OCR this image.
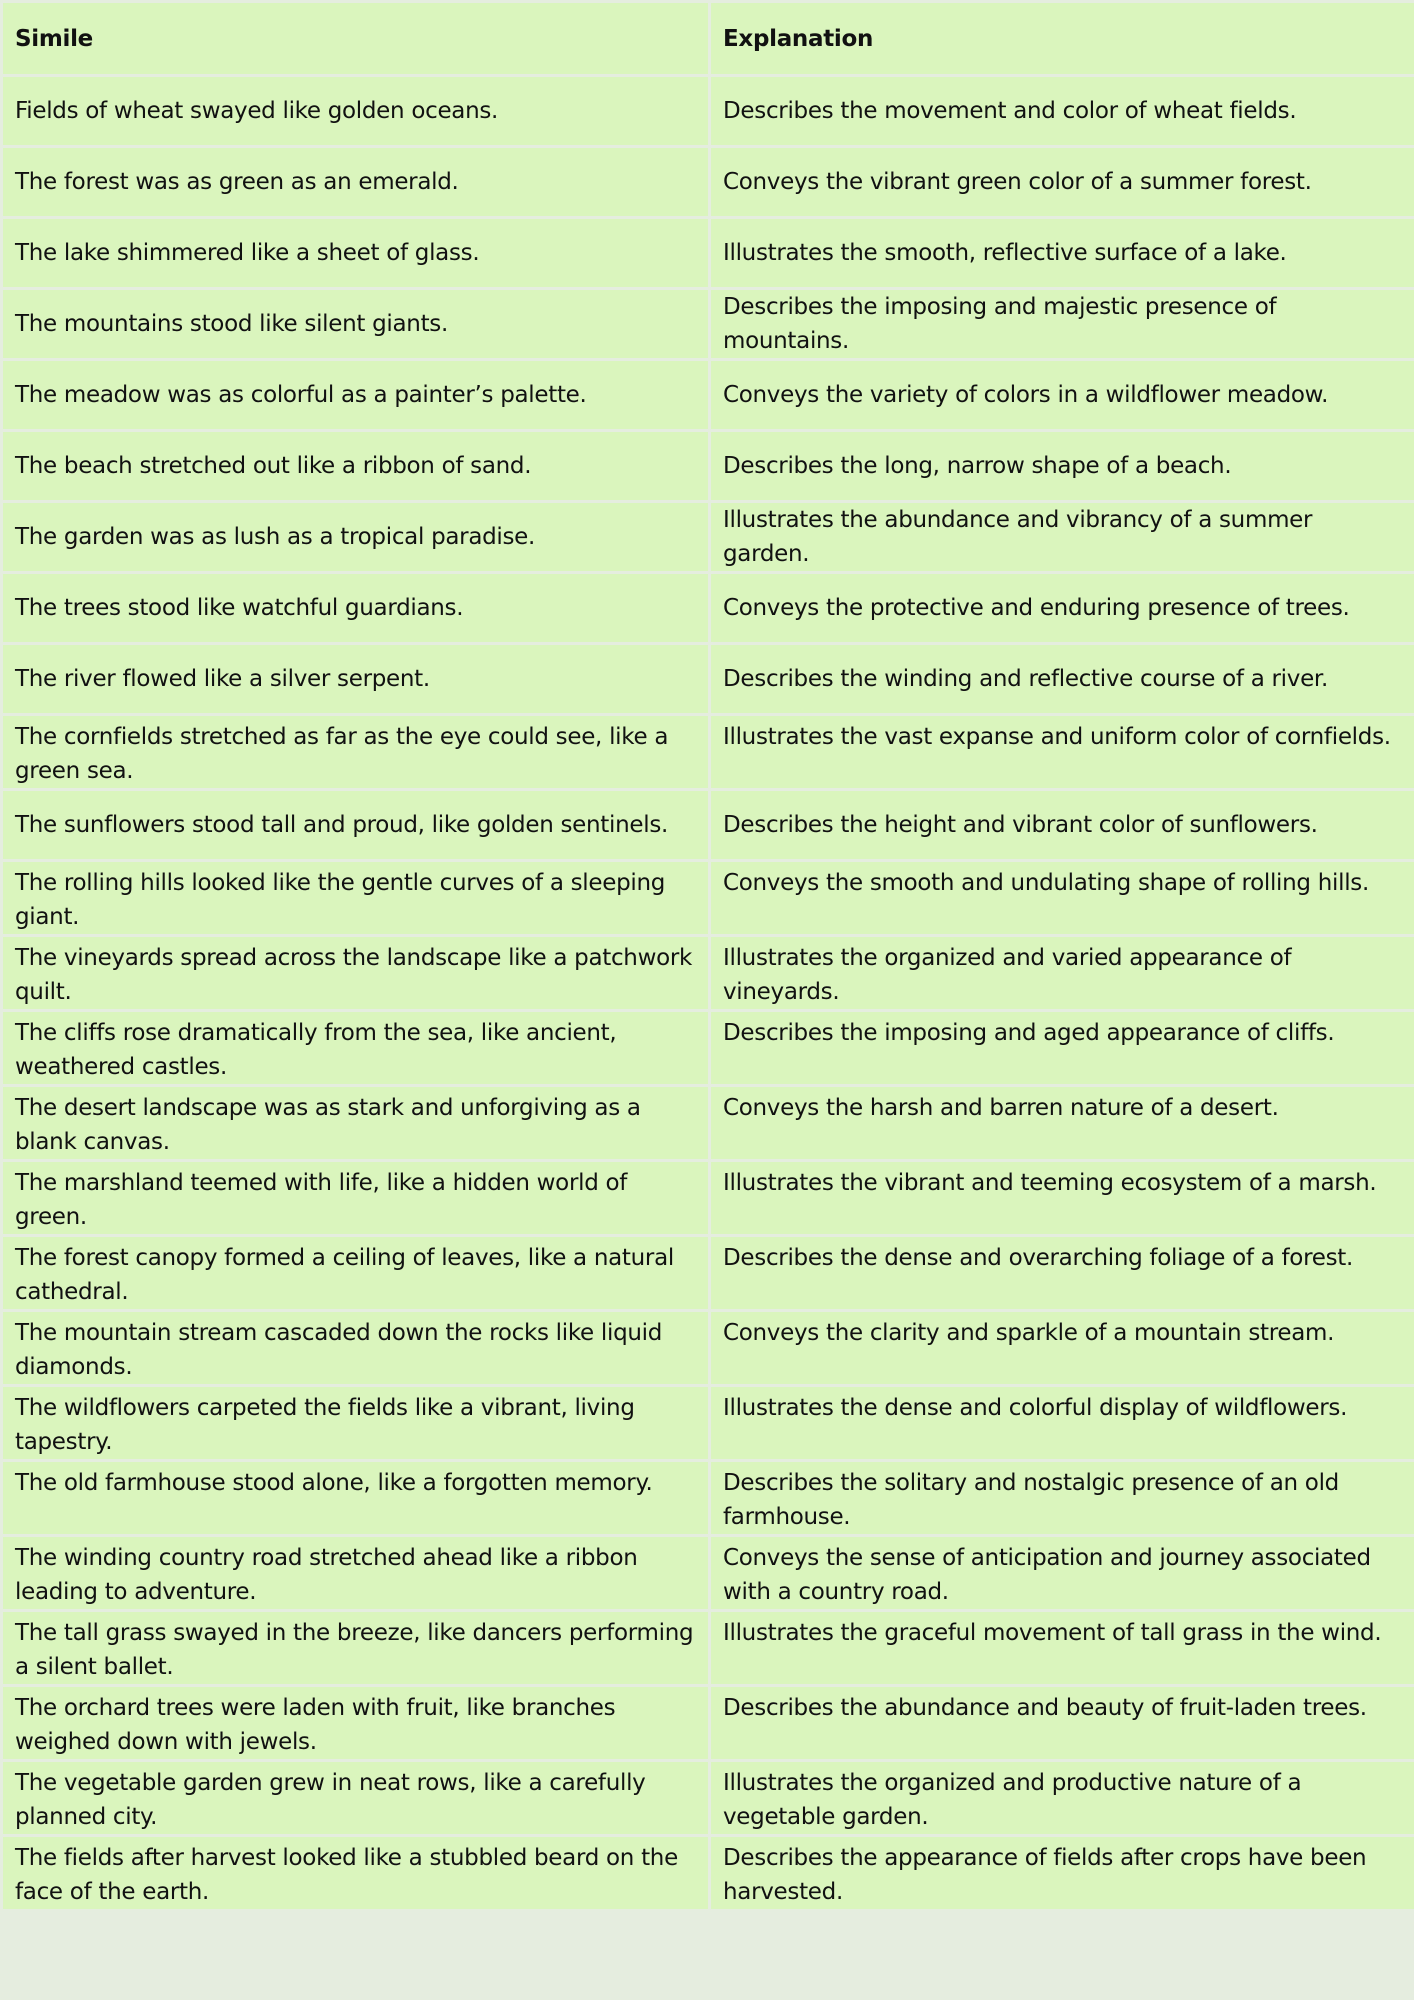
Simile	Explanation
Fields of wheat swayed like golden oceans.	Describes the movement and color of wheat fields.
The forest was as green as an emerald.	Conveys the vibrant green color of a summer forest.
The lake shimmered like a sheet of glass.	Illustrates the smooth, reflective surface of a lake.
The mountains stood like silent giants.	Describes the imposing and majestic presence of mountains.
The meadow was as colorful as a painter’s palette.	Conveys the variety of colors in a wildflower meadow.
The beach stretched out like a ribbon of sand.	Describes the long, narrow shape of a beach.
The garden was as lush as a tropical paradise.	Illustrates the abundance and vibrancy of a summer garden.
The trees stood like watchful guardians.	Conveys the protective and enduring presence of trees.
The river flowed like a silver serpent.	Describes the winding and reflective course of a river.
The cornfields stretched as far as the eye could see, like a green sea.	Illustrates the vast expanse and uniform color of cornfields.
The sunflowers stood tall and proud, like golden sentinels.	Describes the height and vibrant color of sunflowers.
The rolling hills looked like the gentle curves of a sleeping giant.	Conveys the smooth and undulating shape of rolling hills.
The vineyards spread across the landscape like a patchwork quilt.	Illustrates the organized and varied appearance of vineyards.
The cliffs rose dramatically from the sea, like ancient, weathered castles.	Describes the imposing and aged appearance of cliffs.
The desert landscape was as stark and unforgiving as a blank canvas.	Conveys the harsh and barren nature of a desert.
The marshland teemed with life, like a hidden world of green.	Illustrates the vibrant and teeming ecosystem of a marsh.
The forest canopy formed a ceiling of leaves, like a natural cathedral.	Describes the dense and overarching foliage of a forest.
The mountain stream cascaded down the rocks like liquid diamonds.	Conveys the clarity and sparkle of a mountain stream.
The wildflowers carpeted the fields like a vibrant, living tapestry.	Illustrates the dense and colorful display of wildflowers.
The old farmhouse stood alone, like a forgotten memory.	Describes the solitary and nostalgic presence of an old farmhouse.
The winding country road stretched ahead like a ribbon leading to adventure.	Conveys the sense of anticipation and journey associated with a country road.
The tall grass swayed in the breeze, like dancers performing a silent ballet.	Illustrates the graceful movement of tall grass in the wind.
The orchard trees were laden with fruit, like branches weighed down with jewels.	Describes the abundance and beauty of fruit-laden trees.
The vegetable garden grew in neat rows, like a carefully planned city.	Illustrates the organized and productive nature of a vegetable garden.
The fields after harvest looked like a stubbled beard on the face of the earth.	Describes the appearance of fields after crops have been harvested.
